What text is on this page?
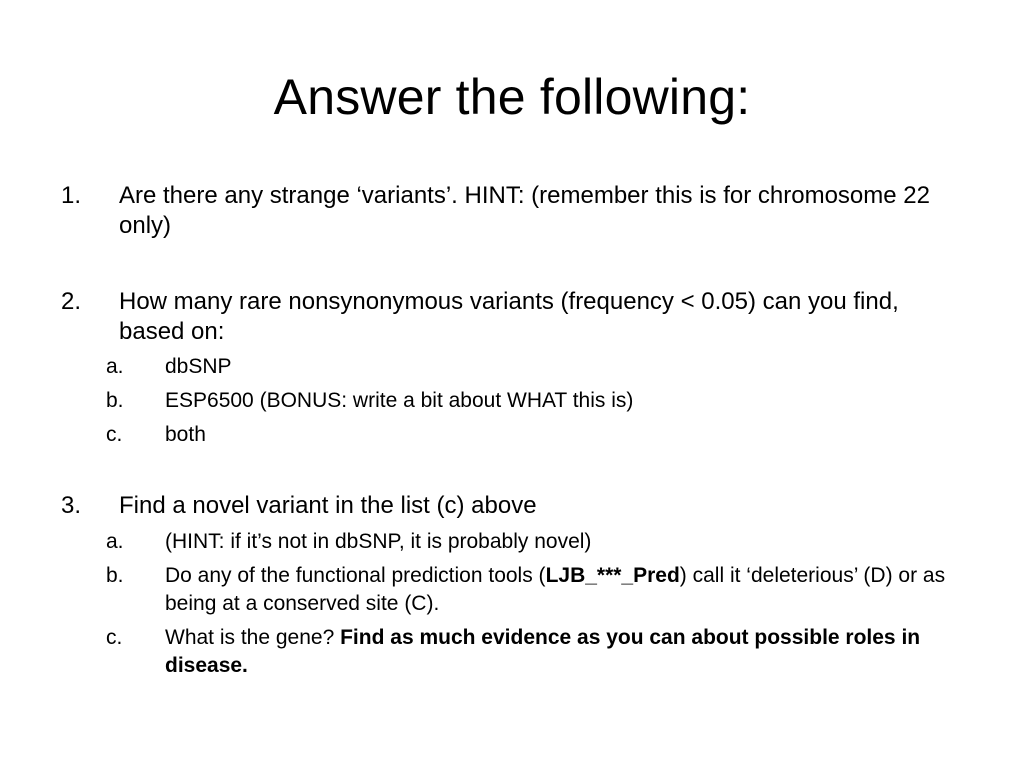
Answer the following:
1.	Are there any strange ‘variants’. HINT: (remember this is for chromosome 22 only)
2.	How many rare nonsynonymous variants (frequency < 0.05) can you find, based on:
a.	dbSNP
b.	ESP6500 (BONUS: write a bit about WHAT this is)
c.	both
3.	Find a novel variant in the list (c) above
a.	(HINT: if it’s not in dbSNP, it is probably novel)
b.	Do any of the functional prediction tools (LJB_***_Pred) call it ‘deleterious’ (D) or as being at a conserved site (C).
c.	What is the gene? Find as much evidence as you can about possible roles in disease.
